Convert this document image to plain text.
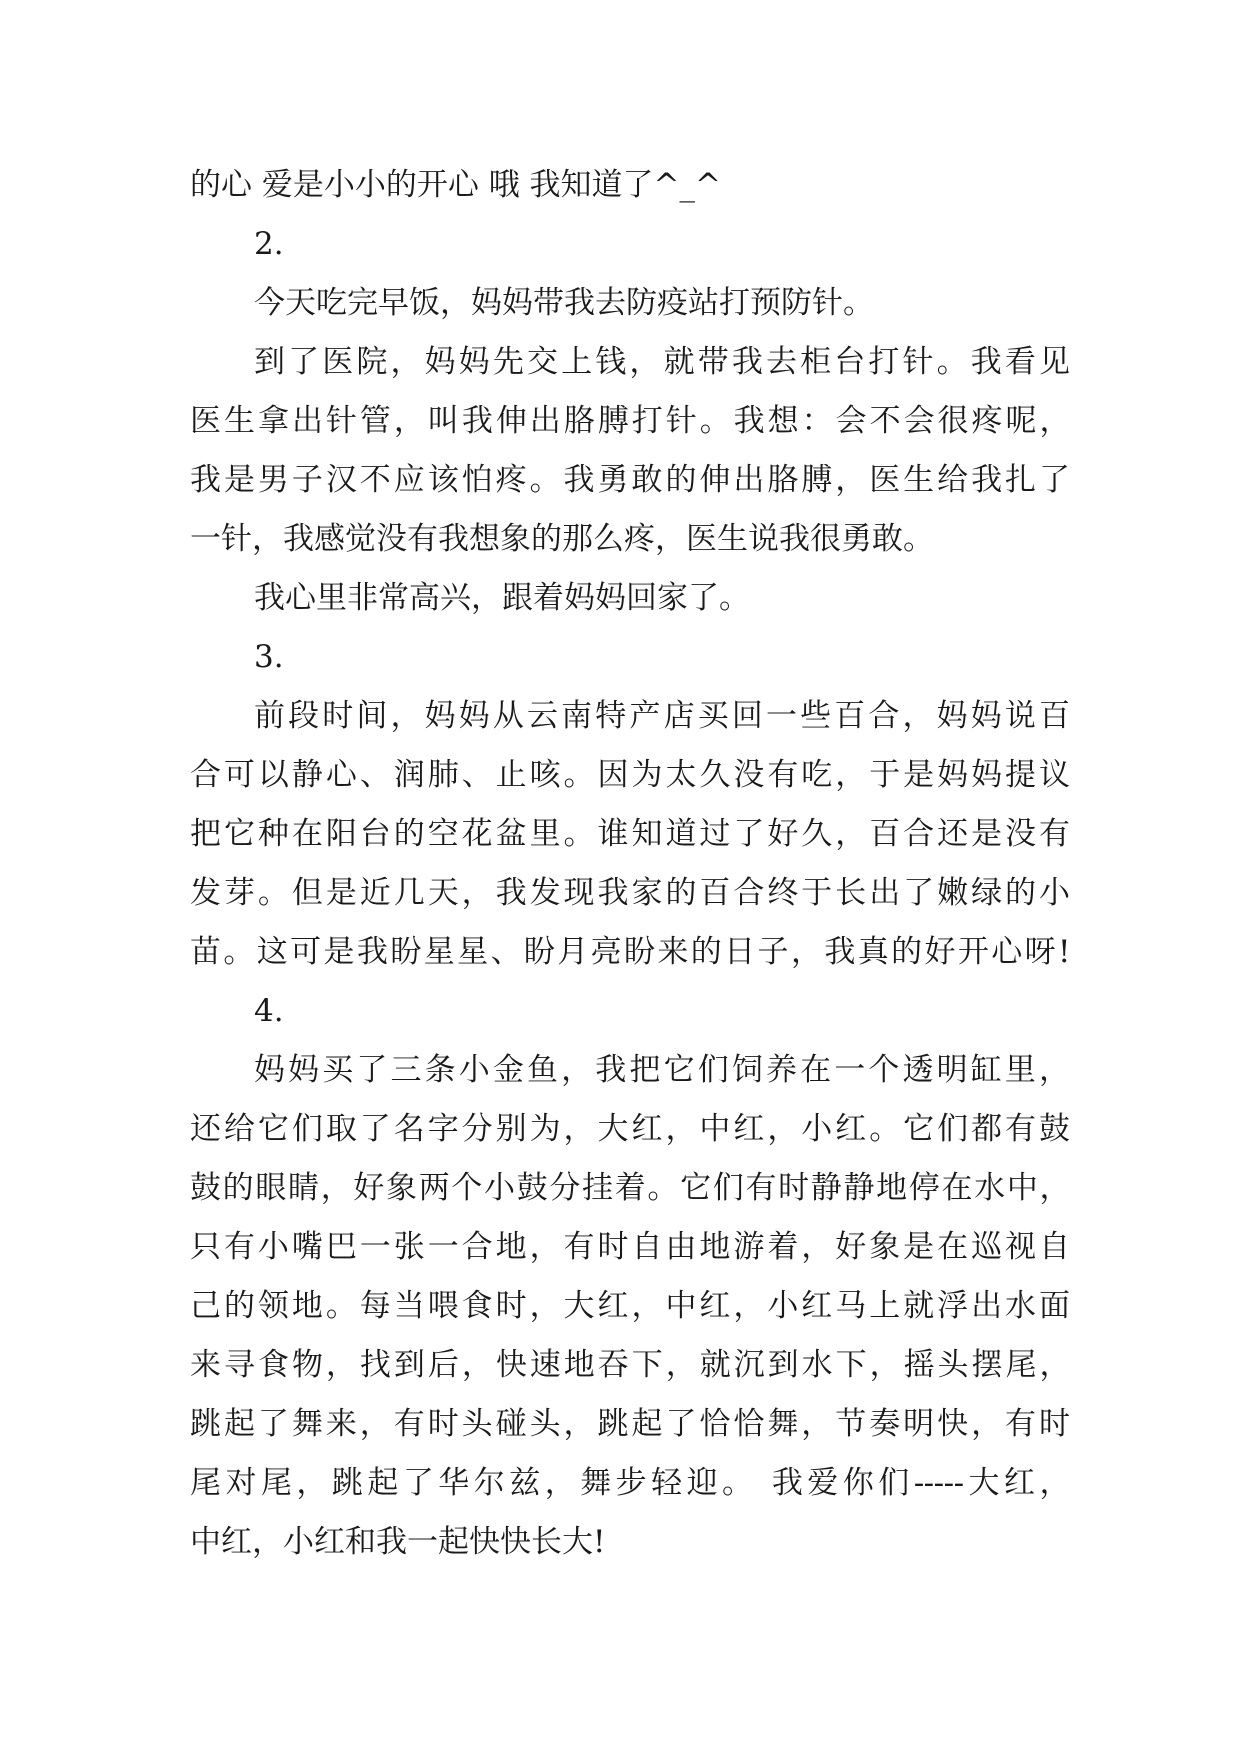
的心 爱是小小的开心 哦 我知道了^_^
2.
今天吃完早饭，妈妈带我去防疫站打预防针。
到了医院，妈妈先交上钱，就带我去柜台打针。我看见
医生拿出针管，叫我伸出胳膊打针。我想：会不会很疼呢，
我是男子汉不应该怕疼。我勇敢的伸出胳膊，医生给我扎了
一针，我感觉没有我想象的那么疼，医生说我很勇敢。
我心里非常高兴，跟着妈妈回家了。
3.
前段时间，妈妈从云南特产店买回一些百合，妈妈说百
合可以静心、润肺、止咳。因为太久没有吃，于是妈妈提议
把它种在阳台的空花盆里。谁知道过了好久，百合还是没有
发芽。但是近几天，我发现我家的百合终于长出了嫩绿的小
苗。这可是我盼星星、盼月亮盼来的日子，我真的好开心呀!
4.
妈妈买了三条小金鱼，我把它们饲养在一个透明缸里，
还给它们取了名字分别为，大红，中红，小红。它们都有鼓
鼓的眼睛，好象两个小鼓分挂着。它们有时静静地停在水中，
只有小嘴巴一张一合地，有时自由地游着，好象是在巡视自
己的领地。每当喂食时，大红，中红，小红马上就浮出水面
来寻食物，找到后，快速地吞下，就沉到水下，摇头摆尾，
跳起了舞来，有时头碰头，跳起了恰恰舞，节奏明快，有时
尾对尾，跳起了华尔兹，舞步轻迎。 我爱你们-----大红，
中红，小红和我一起快快长大!
